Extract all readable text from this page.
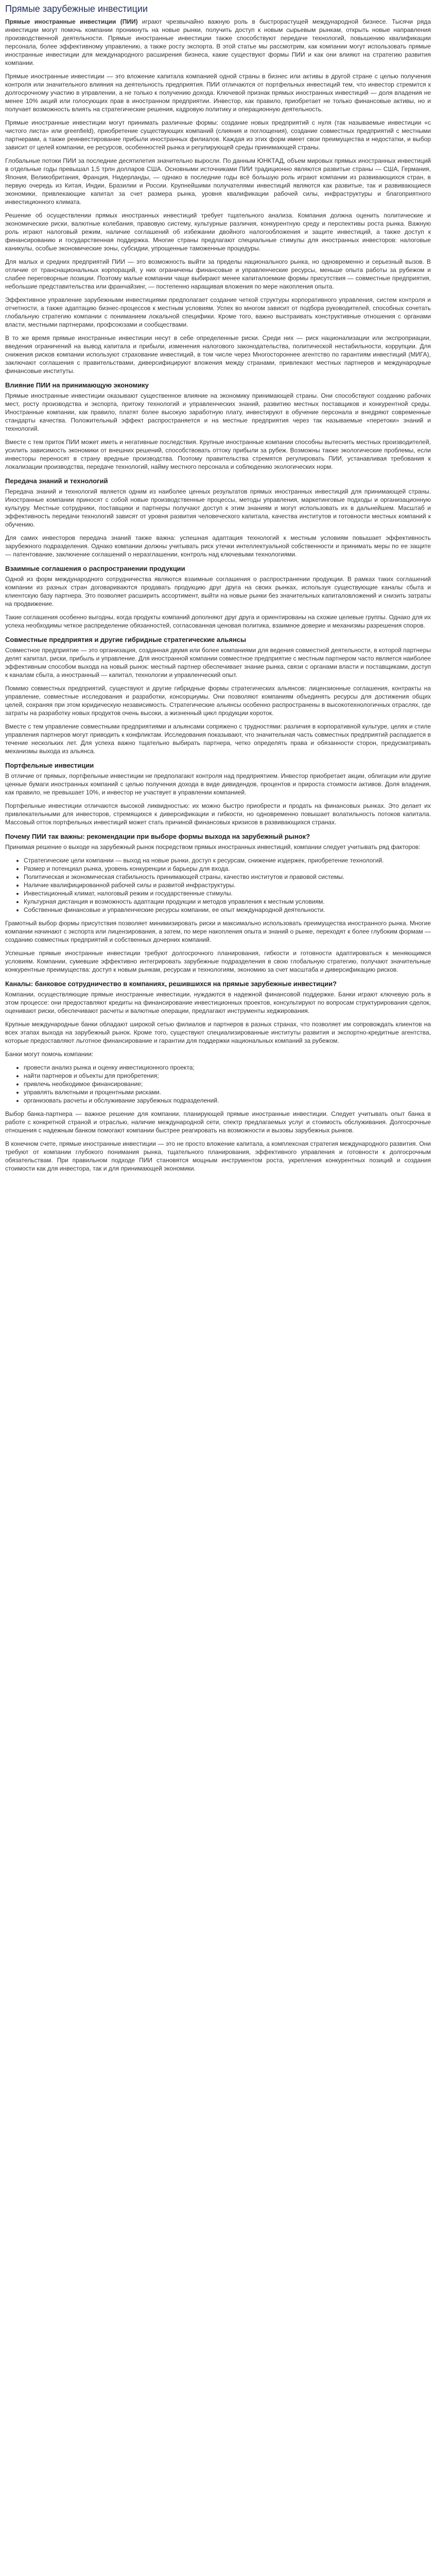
Прямые зарубежные инвестиции

Прямые иностранные инвестиции (ПИИ) играют чрезвычайно важную роль в быстрорастущей международной бизнесе. Тысячи ряда инвестиции могут помочь компании проникнуть на новые рынки, получить доступ к новым сырьевым рынкам, открыть новые направления производственной деятельности. Прямые иностранные инвестиции также способствуют передаче технологий, повышению квалификации персонала, более эффективному управлению, а также росту экспорта. В этой статье мы рассмотрим, как компании могут использовать прямые иностранные инвестиции для международного расширения бизнеса, какие существуют формы ПИИ и как они влияют на стратегию развития компании.

Прямые иностранные инвестиции — это вложение капитала компанией одной страны в бизнес или активы в другой стране с целью получения контроля или значительного влияния на деятельность предприятия. ПИИ отличаются от портфельных инвестиций тем, что инвестор стремится к долгосрочному участию в управлении, а не только к получению дохода. Ключевой признак прямых иностранных инвестиций — доля владения не менее 10% акций или голосующих прав в иностранном предприятии. Инвестор, как правило, приобретает не только финансовые активы, но и получает возможность влиять на стратегические решения, кадровую политику и операционную деятельность.

Прямые иностранные инвестиции могут принимать различные формы: создание новых предприятий с нуля (так называемые инвестиции «с чистого листа» или greenfield), приобретение существующих компаний (слияния и поглощения), создание совместных предприятий с местными партнерами, а также реинвестирование прибыли иностранных филиалов. Каждая из этих форм имеет свои преимущества и недостатки, и выбор зависит от целей компании, ее ресурсов, особенностей рынка и регулирующей среды принимающей страны.

Глобальные потоки ПИИ за последние десятилетия значительно выросли. По данным ЮНКТАД, объем мировых прямых иностранных инвестиций в отдельные годы превышал 1,5 трлн долларов США. Основными источниками ПИИ традиционно являются развитые страны — США, Германия, Япония, Великобритания, Франция, Нидерланды, — однако в последние годы всё большую роль играют компании из развивающихся стран, в первую очередь из Китая, Индии, Бразилии и России. Крупнейшими получателями инвестиций являются как развитые, так и развивающиеся экономики, привлекающие капитал за счет размера рынка, уровня квалификации рабочей силы, инфраструктуры и благоприятного инвестиционного климата.

Решение об осуществлении прямых иностранных инвестиций требует тщательного анализа. Компания должна оценить политические и экономические риски, валютные колебания, правовую систему, культурные различия, конкурентную среду и перспективы роста рынка. Важную роль играют налоговый режим, наличие соглашений об избежании двойного налогообложения и защите инвестиций, а также доступ к финансированию и государственная поддержка. Многие страны предлагают специальные стимулы для иностранных инвесторов: налоговые каникулы, особые экономические зоны, субсидии, упрощенные таможенные процедуры.

Для малых и средних предприятий ПИИ — это возможность выйти за пределы национального рынка, но одновременно и серьезный вызов. В отличие от транснациональных корпораций, у них ограничены финансовые и управленческие ресурсы, меньше опыта работы за рубежом и слабее переговорные позиции. Поэтому малые компании чаще выбирают менее капиталоемкие формы присутствия — совместные предприятия, небольшие представительства или франчайзинг, — постепенно наращивая вложения по мере накопления опыта.

Эффективное управление зарубежными инвестициями предполагает создание четкой структуры корпоративного управления, систем контроля и отчетности, а также адаптацию бизнес-процессов к местным условиям. Успех во многом зависит от подбора руководителей, способных сочетать глобальную стратегию компании с пониманием локальной специфики. Кроме того, важно выстраивать конструктивные отношения с органами власти, местными партнерами, профсоюзами и сообществами.

В то же время прямые иностранные инвестиции несут в себе определенные риски. Среди них — риск национализации или экспроприации, введения ограничений на вывод капитала и прибыли, изменения налогового законодательства, политической нестабильности, коррупции. Для снижения рисков компании используют страхование инвестиций, в том числе через Многостороннее агентство по гарантиям инвестиций (МИГА), заключают соглашения с правительствами, диверсифицируют вложения между странами, привлекают местных партнеров и международные финансовые институты.

Влияние ПИИ на принимающую экономику

Прямые иностранные инвестиции оказывают существенное влияние на экономику принимающей страны. Они способствуют созданию рабочих мест, росту производства и экспорта, притоку технологий и управленческих знаний, развитию местных поставщиков и конкурентной среды. Иностранные компании, как правило, платят более высокую заработную плату, инвестируют в обучение персонала и внедряют современные стандарты качества. Положительный эффект распространяется и на местные предприятия через так называемые «перетоки» знаний и технологий.

Вместе с тем приток ПИИ может иметь и негативные последствия. Крупные иностранные компании способны вытеснить местных производителей, усилить зависимость экономики от внешних решений, способствовать оттоку прибыли за рубеж. Возможны также экологические проблемы, если инвесторы переносят в страну вредные производства. Поэтому правительства стремятся регулировать ПИИ, устанавливая требования к локализации производства, передаче технологий, найму местного персонала и соблюдению экологических норм.

Передача знаний и технологий

Передача знаний и технологий является одним из наиболее ценных результатов прямых иностранных инвестиций для принимающей страны. Иностранные компании приносят с собой новые производственные процессы, методы управления, маркетинговые подходы и организационную культуру. Местные сотрудники, поставщики и партнеры получают доступ к этим знаниям и могут использовать их в дальнейшем. Масштаб и эффективность передачи технологий зависят от уровня развития человеческого капитала, качества институтов и готовности местных компаний к обучению.

Для самих инвесторов передача знаний также важна: успешная адаптация технологий к местным условиям повышает эффективность зарубежного подразделения. Однако компании должны учитывать риск утечки интеллектуальной собственности и принимать меры по ее защите — патентование, заключение соглашений о неразглашении, контроль над ключевыми технологиями.

Взаимные соглашения о распространении продукции

Одной из форм международного сотрудничества являются взаимные соглашения о распространении продукции. В рамках таких соглашений компании из разных стран договариваются продавать продукцию друг друга на своих рынках, используя существующие каналы сбыта и клиентскую базу партнера. Это позволяет расширить ассортимент, выйти на новые рынки без значительных капиталовложений и снизить затраты на продвижение.

Такие соглашения особенно выгодны, когда продукты компаний дополняют друг друга и ориентированы на схожие целевые группы. Однако для их успеха необходимы четкое распределение обязанностей, согласованная ценовая политика, взаимное доверие и механизмы разрешения споров.

Совместные предприятия и другие гибридные стратегические альянсы

Совместное предприятие — это организация, созданная двумя или более компаниями для ведения совместной деятельности, в которой партнеры делят капитал, риски, прибыль и управление. Для иностранной компании совместное предприятие с местным партнером часто является наиболее эффективным способом выхода на новый рынок: местный партнер обеспечивает знание рынка, связи с органами власти и поставщиками, доступ к каналам сбыта, а иностранный — капитал, технологии и управленческий опыт.

Помимо совместных предприятий, существуют и другие гибридные формы стратегических альянсов: лицензионные соглашения, контракты на управление, совместные исследования и разработки, консорциумы. Они позволяют компаниям объединять ресурсы для достижения общих целей, сохраняя при этом юридическую независимость. Стратегические альянсы особенно распространены в высокотехнологичных отраслях, где затраты на разработку новых продуктов очень высоки, а жизненный цикл продукции короток.

Вместе с тем управление совместными предприятиями и альянсами сопряжено с трудностями: различия в корпоративной культуре, целях и стиле управления партнеров могут приводить к конфликтам. Исследования показывают, что значительная часть совместных предприятий распадается в течение нескольких лет. Для успеха важно тщательно выбирать партнера, четко определять права и обязанности сторон, предусматривать механизмы выхода из альянса.

Портфельные инвестиции

В отличие от прямых, портфельные инвестиции не предполагают контроля над предприятием. Инвестор приобретает акции, облигации или другие ценные бумаги иностранных компаний с целью получения дохода в виде дивидендов, процентов и прироста стоимости активов. Доля владения, как правило, не превышает 10%, и инвестор не участвует в управлении компанией.

Портфельные инвестиции отличаются высокой ликвидностью: их можно быстро приобрести и продать на финансовых рынках. Это делает их привлекательными для инвесторов, стремящихся к диверсификации и гибкости, но одновременно повышает волатильность потоков капитала. Массовый отток портфельных инвестиций может стать причиной финансовых кризисов в развивающихся странах.

Почему ПИИ так важны: рекомендации при выборе формы выхода на зарубежный рынок?

Принимая решение о выходе на зарубежный рынок посредством прямых иностранных инвестиций, компании следует учитывать ряд факторов:

• Стратегические цели компании — выход на новые рынки, доступ к ресурсам, снижение издержек, приобретение технологий.
• Размер и потенциал рынка, уровень конкуренции и барьеры для входа.
• Политическая и экономическая стабильность принимающей страны, качество институтов и правовой системы.
• Наличие квалифицированной рабочей силы и развитой инфраструктуры.
• Инвестиционный климат, налоговый режим и государственные стимулы.
• Культурная дистанция и возможность адаптации продукции и методов управления к местным условиям.
• Собственные финансовые и управленческие ресурсы компании, ее опыт международной деятельности.

Грамотный выбор формы присутствия позволяет минимизировать риски и максимально использовать преимущества иностранного рынка. Многие компании начинают с экспорта или лицензирования, а затем, по мере накопления опыта и знаний о рынке, переходят к более глубоким формам — созданию совместных предприятий и собственных дочерних компаний.

Успешные прямые иностранные инвестиции требуют долгосрочного планирования, гибкости и готовности адаптироваться к меняющимся условиям. Компании, сумевшие эффективно интегрировать зарубежные подразделения в свою глобальную стратегию, получают значительные конкурентные преимущества: доступ к новым рынкам, ресурсам и технологиям, экономию за счет масштаба и диверсификацию рисков.

Каналы: банковое сотрудничество в компаниях, решившихся на прямые зарубежные инвестиции?

Компании, осуществляющие прямые иностранные инвестиции, нуждаются в надежной финансовой поддержке. Банки играют ключевую роль в этом процессе: они предоставляют кредиты на финансирование инвестиционных проектов, консультируют по вопросам структурирования сделок, оценивают риски, обеспечивают расчеты и валютные операции, предлагают инструменты хеджирования.

Крупные международные банки обладают широкой сетью филиалов и партнеров в разных странах, что позволяет им сопровождать клиентов на всех этапах выхода на зарубежный рынок. Кроме того, существуют специализированные институты развития и экспортно-кредитные агентства, которые предоставляют льготное финансирование и гарантии для поддержки национальных компаний за рубежом.

Банки могут помочь компании:

• провести анализ рынка и оценку инвестиционного проекта;
• найти партнеров и объекты для приобретения;
• привлечь необходимое финансирование;
• управлять валютными и процентными рисками.
• организовать расчеты и обслуживание зарубежных подразделений.

Выбор банка-партнера — важное решение для компании, планирующей прямые иностранные инвестиции. Следует учитывать опыт банка в работе с конкретной страной и отраслью, наличие международной сети, спектр предлагаемых услуг и стоимость обслуживания. Долгосрочные отношения с надежным банком помогают компании быстрее реагировать на возможности и вызовы зарубежных рынков.

В конечном счете, прямые иностранные инвестиции — это не просто вложение капитала, а комплексная стратегия международного развития. Они требуют от компании глубокого понимания рынка, тщательного планирования, эффективного управления и готовности к долгосрочным обязательствам. При правильном подходе ПИИ становятся мощным инструментом роста, укрепления конкурентных позиций и создания стоимости как для инвестора, так и для принимающей экономики.
